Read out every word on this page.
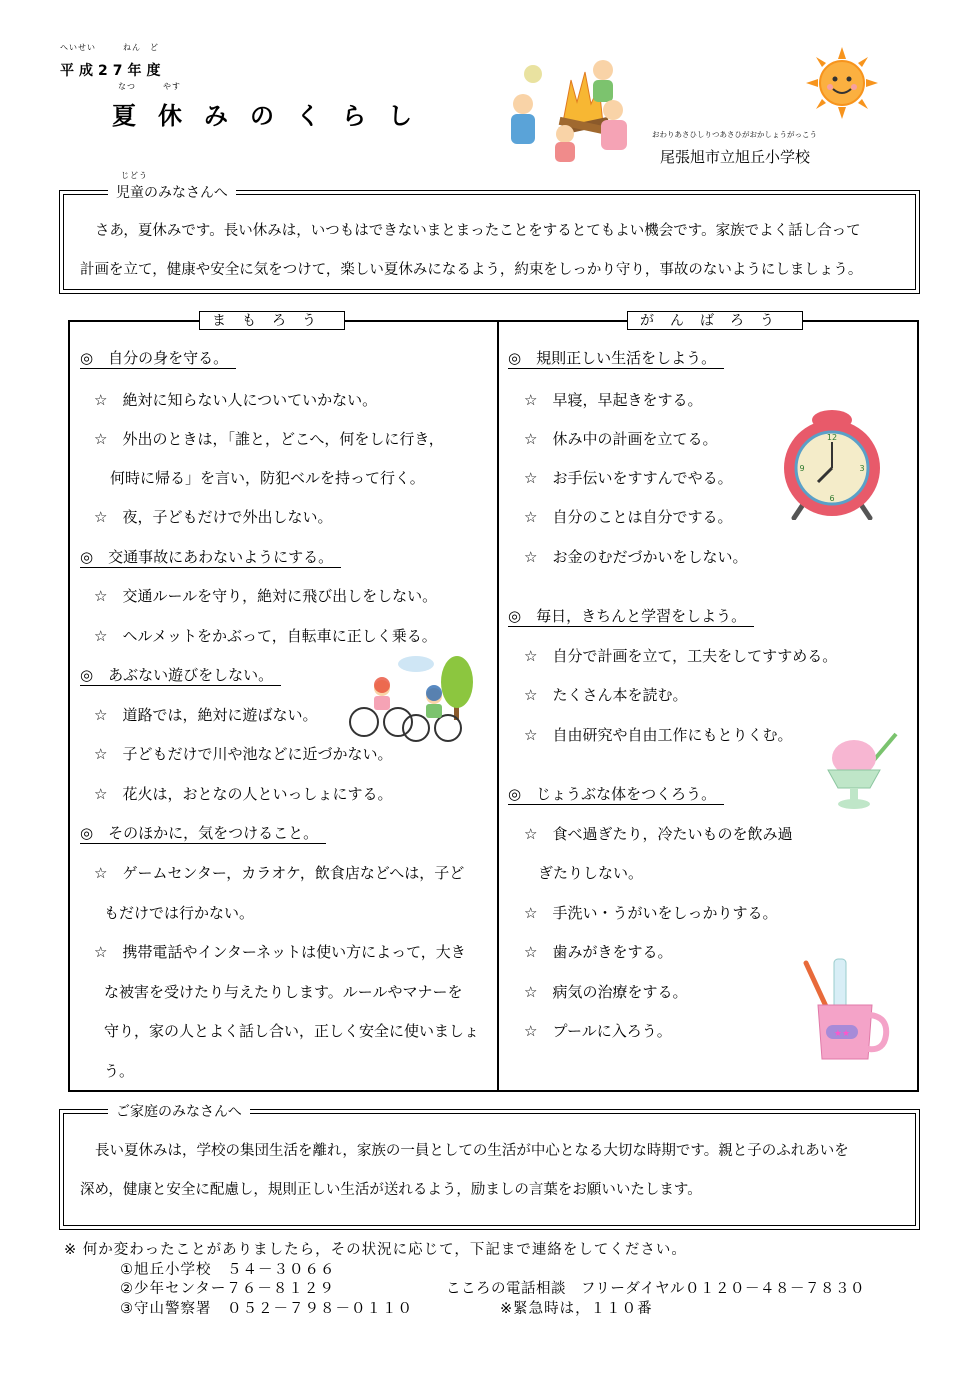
へいせい　　　ねん　ど
平成27年度
なつ　　　やす
夏休みのくらし
おわりあさひしりつあさひがおかしょうがっこう
尾張旭市立旭丘小学校
じどう
児童のみなさんへ
さあ，夏休みです。長い休みは，いつもはできないまとまったことをするとてもよい機会です。家族でよく話し合って
計画を立て，健康や安全に気をつけて，楽しい夏休みになるよう，約束をしっかり守り，事故のないようにしましょう。
まもろう	がんばろう
◎　自分の身を守る。
☆　絶対に知らない人についていかない。
☆　外出のときは，「誰と，どこへ，何をしに行き，
何時に帰る」を言い，防犯ベルを持って行く。
☆　夜，子どもだけで外出しない。
◎　交通事故にあわないようにする。
☆　交通ルールを守り，絶対に飛び出しをしない。
☆　ヘルメットをかぶって，自転車に正しく乗る。
◎　あぶない遊びをしない。
☆　道路では，絶対に遊ばない。
☆　子どもだけで川や池などに近づかない。
☆　花火は，おとなの人といっしょにする。
◎　そのほかに，気をつけること。
☆　ゲームセンター，カラオケ，飲食店などへは，子ど
もだけでは行かない。
☆　携帯電話やインターネットは使い方によって，大き
な被害を受けたり与えたりします。ルールやマナーを
守り，家の人とよく話し合い，正しく安全に使いましょ
う。
◎　規則正しい生活をしよう。
☆　早寝，早起きをする。
☆　休み中の計画を立てる。
☆　お手伝いをすすんでやる。
☆　自分のことは自分でする。
☆　お金のむだづかいをしない。
12
3
6
9
◎　毎日，きちんと学習をしよう。
☆　自分で計画を立て，工夫をしてすすめる。
☆　たくさん本を読む。
☆　自由研究や自由工作にもとりくむ。
◎　じょうぶな体をつくろう。
☆　食べ過ぎたり，冷たいものを飲み過
ぎたりしない。
☆　手洗い・うがいをしっかりする。
☆　歯みがきをする。
☆　病気の治療をする。
☆　プールに入ろう。	★★
ご家庭のみなさんへ
長い夏休みは，学校の集団生活を離れ，家族の一員としての生活が中心となる大切な時期です。親と子のふれあいを
深め，健康と安全に配慮し，規則正しい生活が送れるよう，励ましの言葉をお願いいたします。
※ 何か変わったことがありましたら，その状況に応じて，下記まで連絡をしてください。
①旭丘小学校　５４－３０６６
②少年センター７６－８１２９	こころの電話相談　フリーダイヤル０１２０－４８－７８３０
③守山警察署　０５２－７９８－０１１０	※緊急時は，１１０番
